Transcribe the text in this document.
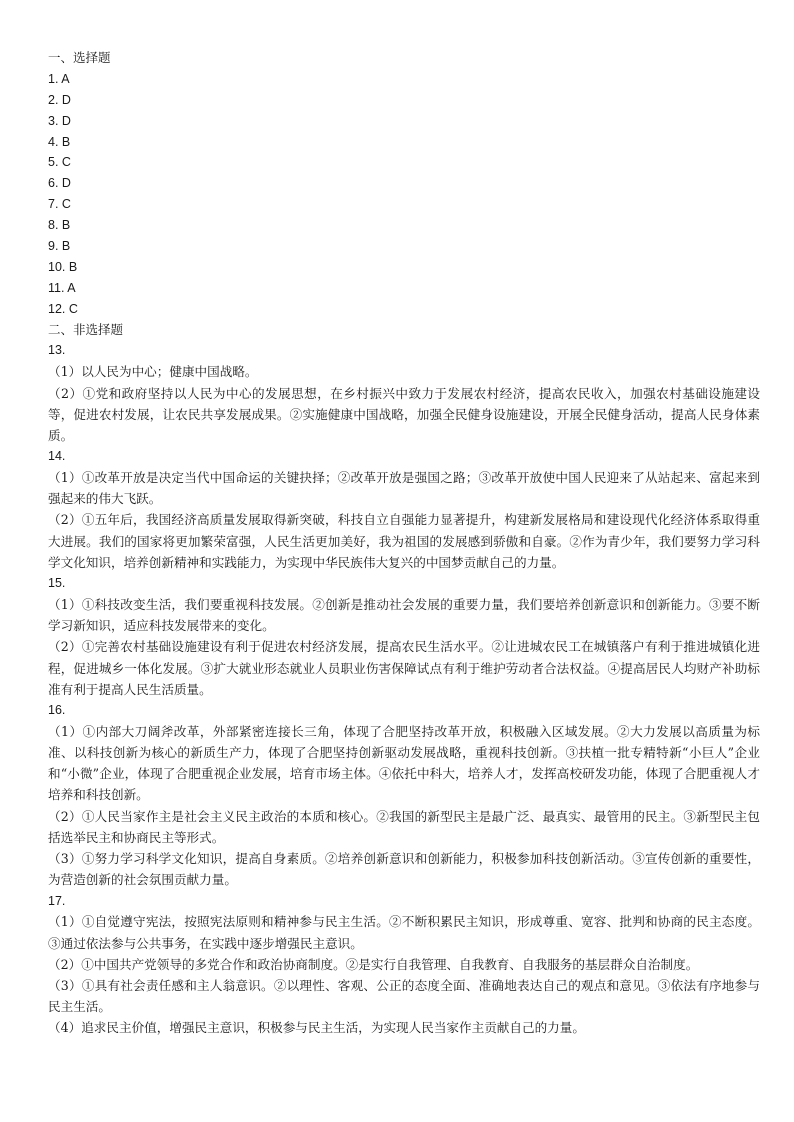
一、选择题
1. A
2. D
3. D
4. B
5. C
6. D
7. C
8. B
9. B
10. B
11. A
12. C
二、非选择题
13.
（1）以人民为中心；健康中国战略。
（2）①党和政府坚持以人民为中心的发展思想，在乡村振兴中致力于发展农村经济，提高农民收入，加强农村基础设施建设等，促进农村发展，让农民共享发展成果。②实施健康中国战略，加强全民健身设施建设，开展全民健身活动，提高人民身体素质。
14.
（1）①改革开放是决定当代中国命运的关键抉择；②改革开放是强国之路；③改革开放使中国人民迎来了从站起来、富起来到强起来的伟大飞跃。
（2）①五年后，我国经济高质量发展取得新突破，科技自立自强能力显著提升，构建新发展格局和建设现代化经济体系取得重大进展。我们的国家将更加繁荣富强，人民生活更加美好，我为祖国的发展感到骄傲和自豪。②作为青少年，我们要努力学习科学文化知识，培养创新精神和实践能力，为实现中华民族伟大复兴的中国梦贡献自己的力量。
15.
（1）①科技改变生活，我们要重视科技发展。②创新是推动社会发展的重要力量，我们要培养创新意识和创新能力。③要不断学习新知识，适应科技发展带来的变化。
（2）①完善农村基础设施建设有利于促进农村经济发展，提高农民生活水平。②让进城农民工在城镇落户有利于推进城镇化进程，促进城乡一体化发展。③扩大就业形态就业人员职业伤害保障试点有利于维护劳动者合法权益。④提高居民人均财产补助标准有利于提高人民生活质量。
16.
（1）①内部大刀阔斧改革，外部紧密连接长三角，体现了合肥坚持改革开放，积极融入区域发展。②大力发展以高质量为标准、以科技创新为核心的新质生产力，体现了合肥坚持创新驱动发展战略，重视科技创新。③扶植一批专精特新“小巨人”企业和“小微”企业，体现了合肥重视企业发展，培育市场主体。④依托中科大，培养人才，发挥高校研发功能，体现了合肥重视人才培养和科技创新。
（2）①人民当家作主是社会主义民主政治的本质和核心。②我国的新型民主是最广泛、最真实、最管用的民主。③新型民主包括选举民主和协商民主等形式。
（3）①努力学习科学文化知识，提高自身素质。②培养创新意识和创新能力，积极参加科技创新活动。③宣传创新的重要性，为营造创新的社会氛围贡献力量。
17.
（1）①自觉遵守宪法，按照宪法原则和精神参与民主生活。②不断积累民主知识，形成尊重、宽容、批判和协商的民主态度。③通过依法参与公共事务，在实践中逐步增强民主意识。
（2）①中国共产党领导的多党合作和政治协商制度。②是实行自我管理、自我教育、自我服务的基层群众自治制度。
（3）①具有社会责任感和主人翁意识。②以理性、客观、公正的态度全面、准确地表达自己的观点和意见。③依法有序地参与民主生活。
（4）追求民主价值，增强民主意识，积极参与民主生活，为实现人民当家作主贡献自己的力量。
